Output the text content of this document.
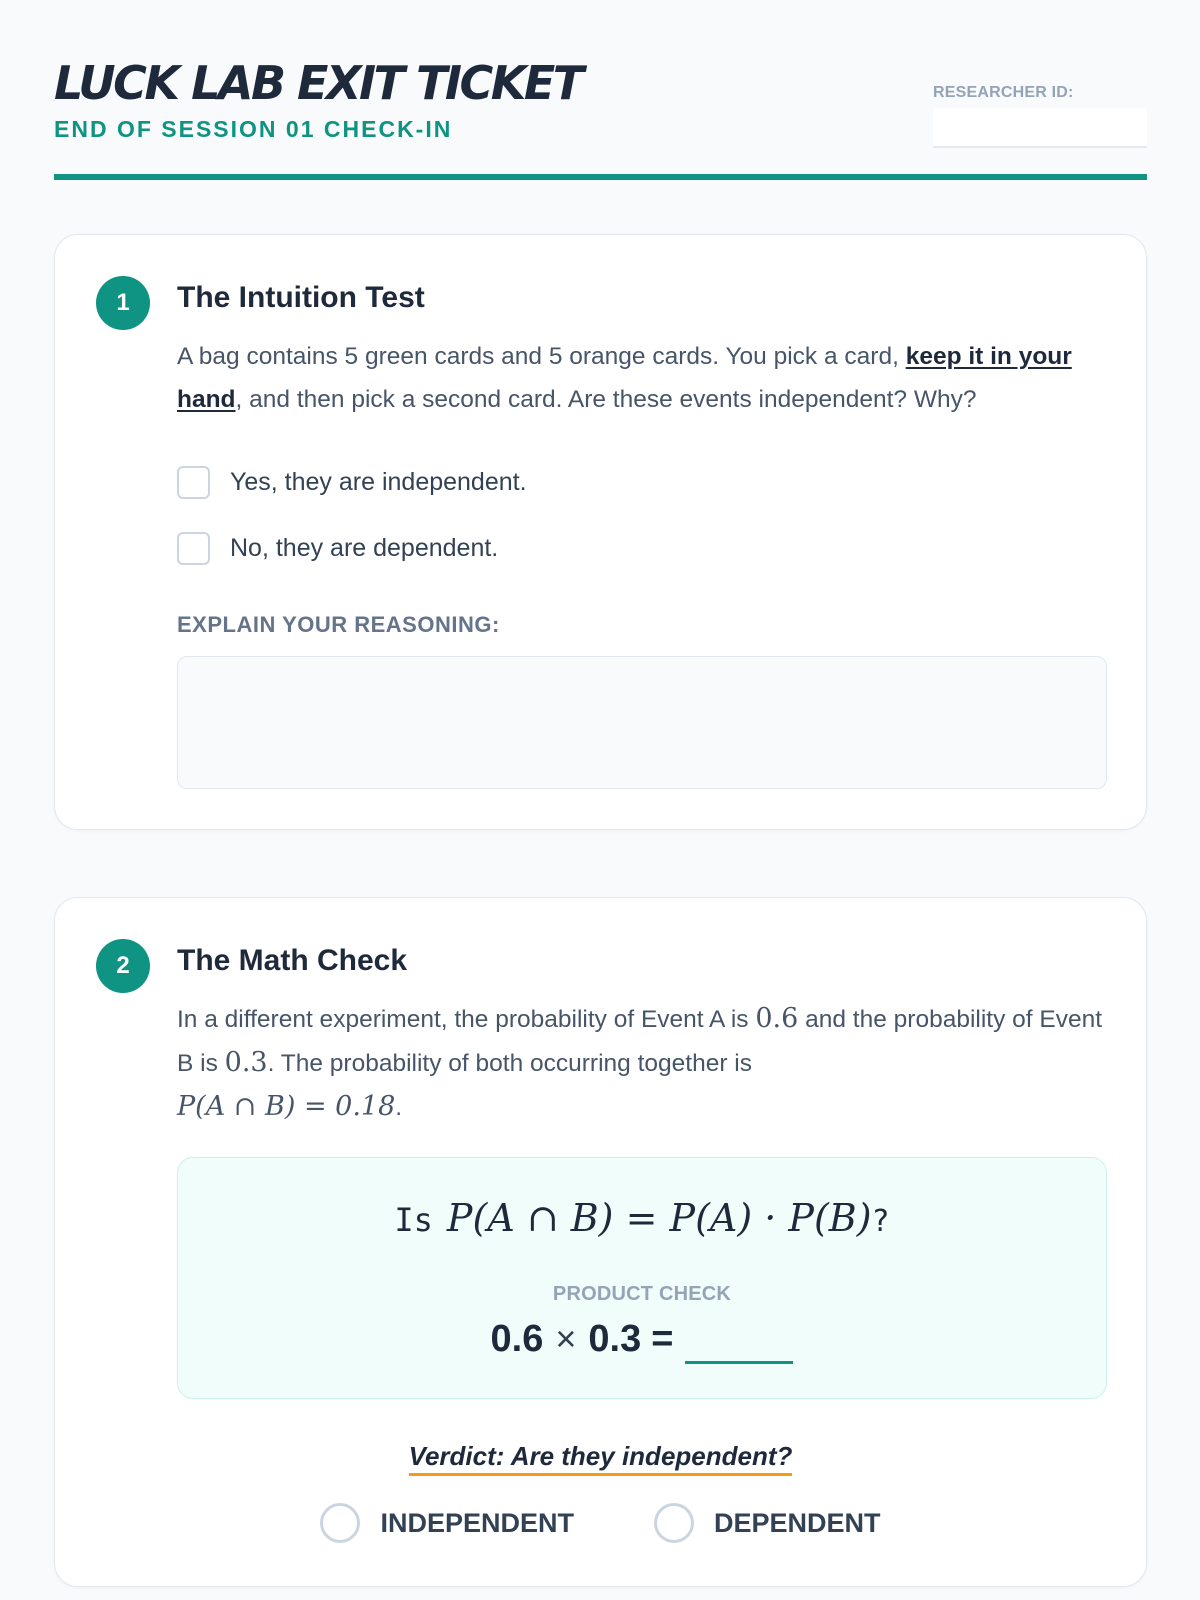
LUCK LAB EXIT TICKET
END OF SESSION 01 CHECK-IN
RESEARCHER ID:
1	The Intuition Test

A bag contains 5 green cards and 5 orange cards. You pick a card, keep it in your hand, and then pick a second card. Are these events independent? Why?

Yes, they are independent.
No, they are dependent.
EXPLAIN YOUR REASONING:
2	The Math Check

In a different experiment, the probability of Event A is 0.6 and the probability of Event B is 0.3. The probability of both occurring together is
P(A ∩ B) = 0.18.

Is P(A ∩ B) = P(A) · P(B)?
PRODUCT CHECK
0.6 × 0.3 =
Verdict: Are they independent?
INDEPENDENT	DEPENDENT
